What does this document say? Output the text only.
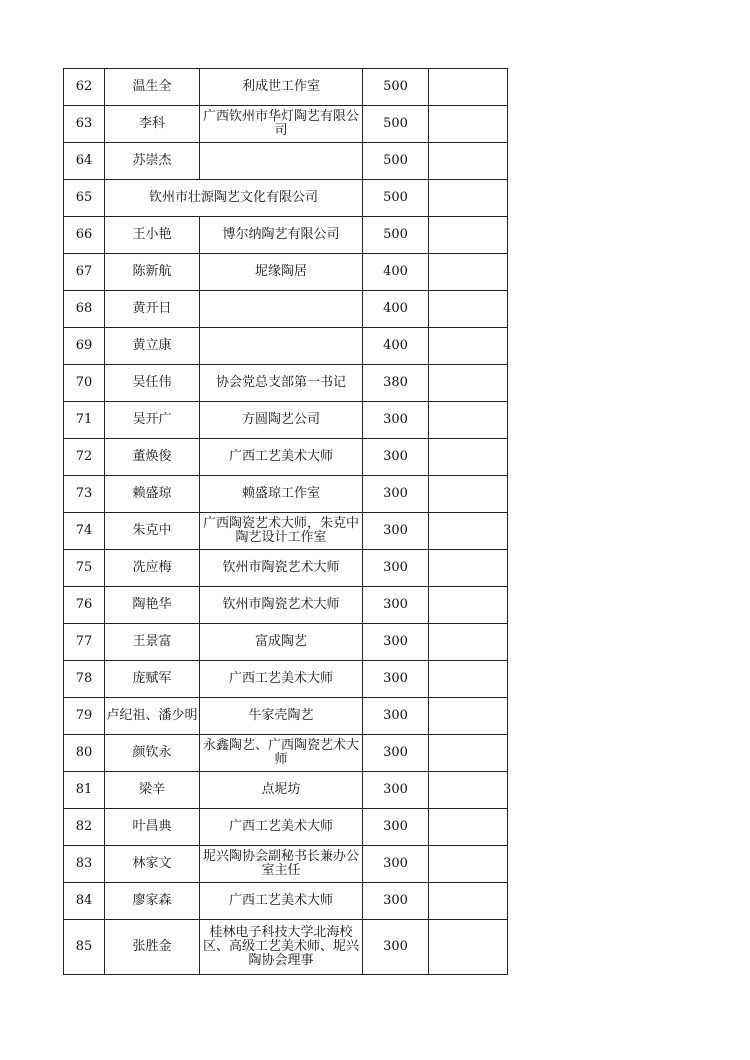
62	温生全	利成世工作室	500	
63	李科	广西钦州市华灯陶艺有限公司	500	
64	苏崇杰		500	
65	钦州市壮源陶艺文化有限公司		500	
66	王小艳	博尔纳陶艺有限公司	500	
67	陈新航	坭缘陶居	400	
68	黄开日		400	
69	黄立康		400	
70	吴任伟	协会党总支部第一书记	380	
71	吴开广	方圆陶艺公司	300	
72	董焕俊	广西工艺美术大师	300	
73	赖盛琼	赖盛琼工作室	300	
74	朱克中	广西陶瓷艺术大师，朱克中陶艺设计工作室	300	
75	冼应梅	钦州市陶瓷艺术大师	300	
76	陶艳华	钦州市陶瓷艺术大师	300	
77	王景富	富成陶艺	300	
78	庞赋军	广西工艺美术大师	300	
79	卢纪祖、潘少明	牛家壳陶艺	300	
80	颜钦永	永鑫陶艺、广西陶瓷艺术大师	300	
81	梁辛	点坭坊	300	
82	叶昌典	广西工艺美术大师	300	
83	林家文	坭兴陶协会副秘书长兼办公室主任	300	
84	廖家森	广西工艺美术大师	300	
85	张胜金	桂林电子科技大学北海校区、高级工艺美术师、坭兴陶协会理事	300	
